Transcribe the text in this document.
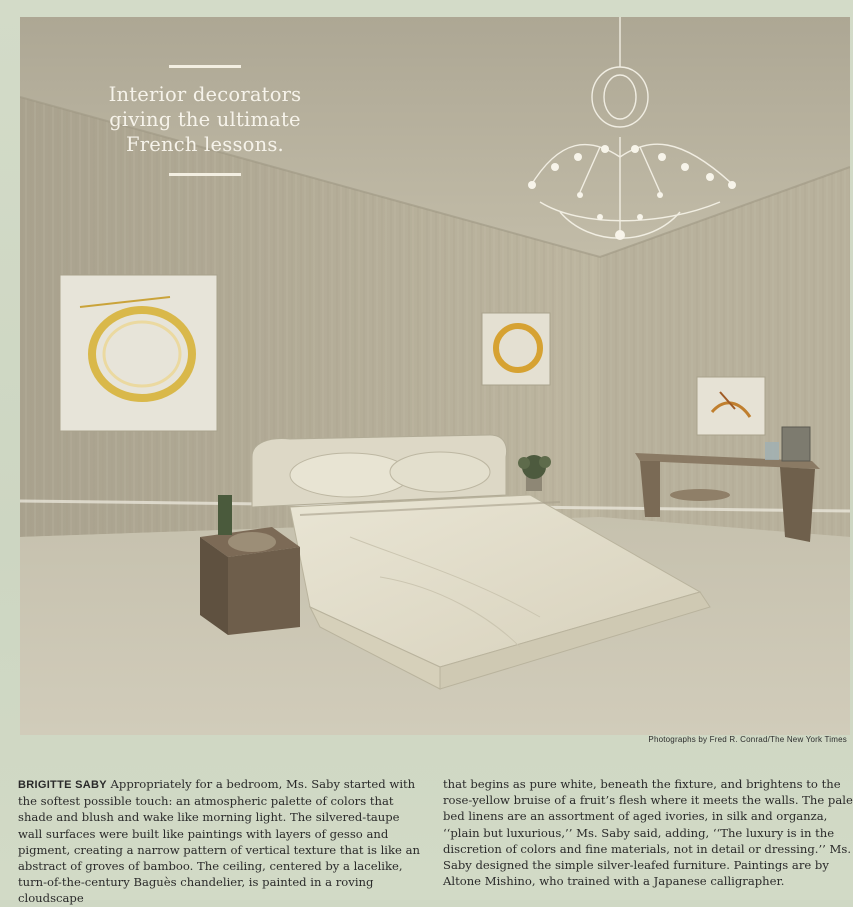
Interior decorators
giving the ultimate
French lessons.
Photographs by Fred R. Conrad/The New York Times

BRIGITTE SABY Appropriately for a bedroom, Ms. Saby started with the softest possible touch: an atmospheric palette of colors that shade and blush and wake like morning light. The silvered-taupe wall surfaces were built like paintings with layers of gesso and pigment, creating a narrow pattern of vertical texture that is like an abstract of groves of bamboo. The ceiling, centered by a lacelike, turn-of-the-century Baguès chandelier, is painted in a roving cloudscape

that begins as pure white, beneath the fixture, and brightens to the rose-yellow bruise of a fruit’s flesh where it meets the walls. The pale bed linens are an assortment of aged ivories, in silk and organza, ‘‘plain but luxurious,’’ Ms. Saby said, adding, ‘‘The luxury is in the discretion of colors and fine materials, not in detail or dressing.’’ Ms. Saby designed the simple silver-leafed furniture. Paintings are by Altone Mishino, who trained with a Japanese calligrapher.
